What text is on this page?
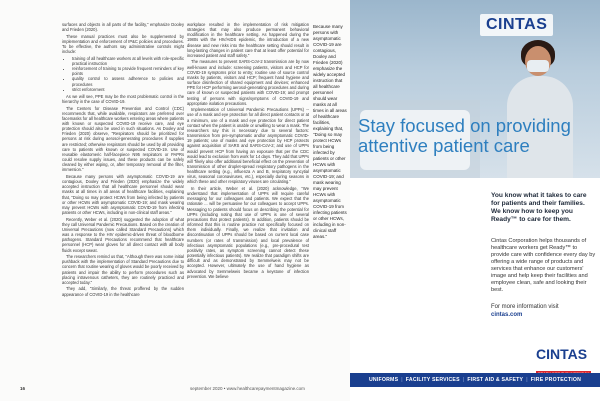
surfaces and objects in all parts of the facility," emphasize Dooley and Frieden (2020).

These manual practices must also be supplemented by implementation and enforcement of IP&C policies and procedures. To be effective, the authors say administrative controls might include:

• training of all healthcare workers at all levels with role-specific practical instruction
• reinforcement of training to provide frequent reminders of key points
• quality control to assess adherence to policies and procedures
• strict enforcement

As we will see, PPE may be the most problematic control in the hierarchy in the case of COVID-19.

The Centers for Disease Prevention and Control (CDC) recommends that, while available, respirators are preferred over facemasks for all healthcare workers entering areas where patients with known or suspected COVID-19 receive care, and eye protection should also be used in such situations. As Dooley and Frieden (2020) observe, "Respirators should be prioritized for persons at risk during aerosol-generating procedures if supplies are restricted; otherwise respirators should be used by all providing care to patients with known or suspected COVID-19. Use of reusable elastomeric half-facepiece N95 respirators or PAPRs could resolve supply issues, and these products can be safely cleaned by either wiping, or, after temporary removal of the filter, immersion."

Because many persons with asymptomatic COVID-19 are contagious, Dooley and Frieden (2020) emphasize the widely accepted instruction that all healthcare personnel should wear masks at all times in all areas of healthcare facilities, explaining that, "Doing so may protect HCWs from being infected by patients or other HCWs with asymptomatic COVID-19; and mask wearing may prevent HCWs with asymptomatic COVID-19 from infecting patients or other HCWs, including in non-clinical staff areas."

Recently, Weber et al. (2020) suggested the adoption of what they call Universal Pandemic Precautions. Based on the creation of Universal Precautions (now called Standard Precautions) which was a response to the HIV epidemic-driven threat of bloodborne pathogens. Standard Precautions recommend that healthcare personnel (HCP) wear gloves for all direct contact with all body fluids except sweat.

The researchers remind us that, "Although there was some initial pushback with the implementation of Standard Precautions due to concern that routine wearing of gloves would be poorly received by patients and impair the ability to perform procedures such as placing intravenous catheters, they are routinely practiced and accepted today."

They add, "Similarly, the threat proffered by the sudden appearance of COVID-19 in the healthcare

workplace resulted in the implementation of risk mitigation strategies that may also produce permanent behavioral modification in the healthcare setting. As happened during the 1980s with the HIV/AIDS epidemic, the introduction of a new disease and new risks into the healthcare setting should result in long-lasting changes in patient care that at least offer potential for increased patient and staff safety."

The measures to prevent SARS-CoV-2 transmission are by now well-known and include: screening patients, visitors and HCP for COVID-19 symptoms prior to entry; routine use of source control masks by patients, visitors and HCP; frequent hand hygiene and surface disinfection of shared equipment and devices; enhanced PPE for HCP performing aerosol-generating procedures and during care of known or suspected patients with COVID-19; and prompt testing of persons with signs/symptoms of COVID-19 and appropriate isolation precautions.

Implementation of Universal Pandemic Precautions (UPPs) -- use of a mask and eye protection for all direct patient contacts or at a minimum, use of a mask and eye protection for direct patient contact when the patient is unable or unwilling to wear a mask. The researchers say this is necessary due to several factors: transmission from pre-symptomatic and/or asymptomatic COVID-19 patients; use of masks and eye protection by HCP protects against acquisition of SARS and SARS-CoV-2; and use of UPPs would prevent HCP from having an exposure that per the CDC would lead to exclusion from work for 14 days. They add that UPPs will "likely also offer additional beneficial effect on the prevention of transmission of other droplet-spread respiratory pathogens in the healthcare setting (e.g., influenza A and B, respiratory syncytial virus, seasonal coronaviruses, etc.), especially during seasons in which these and other respiratory viruses are circulating."

In their article, Weber et al. (2020) acknowledge, "We understand that implementation of UPPs will require careful messaging for our colleagues and patients. We expect that the rationale ... will be persuasive for our colleagues to accept UPPs. Messaging to patients should focus on describing the potential for UPPs (including noting that use of UPPs is one of several precautions that protect patients). In addition, patients should be informed that this is routine practice not specifically focused on them individually. Finally, we realize that invitation and discontinuation of UPPs should be based on current local case numbers (or rates of transmission) and local prevalence of infectious asymptomatic populations (e.g., pre-procedural test positivity rates, as symptom screening cannot detect these potentially infectious patients). We realize that paradigm shifts are difficult and as demonstrated by Semmelweis may not be accepted. However, ultimately the use of hand hygiene as advocated by Semmelweis became a keystone of infection prevention. We believe

Because many persons with asymptomatic COVID-19 are contagious, Dooley and Frieden (2020) emphasize the widely accepted instruction that all healthcare personnel should wear masks at all times in all areas of healthcare facilities, explaining that, "Doing so may protect HCWs from being infected by patients or other HCWs with asymptomatic COVID-19; and mask wearing may prevent HCWs with asymptomatic COVID-19 from infecting patients or other HCWs, including in non-clinical staff areas."
16	september 2020 • www.healthcarepaymentmagazine.com
CINTAS
Stay focused on providing attentive patient care
You know what it takes to care for patients and their families. We know how to keep you Ready™ to care for them.
Cintas Corporation helps thousands of healthcare workers get Ready™ to provide care with confidence every day by offering a wide range of products and services that enhance our customers' image and help keep their facilities and employee clean, safe and looking their best.
For more information visit
cintas.com
CINTAS
UNIFORMS | FACILITY SERVICES | FIRST AID & SAFETY | FIRE PROTECTION
